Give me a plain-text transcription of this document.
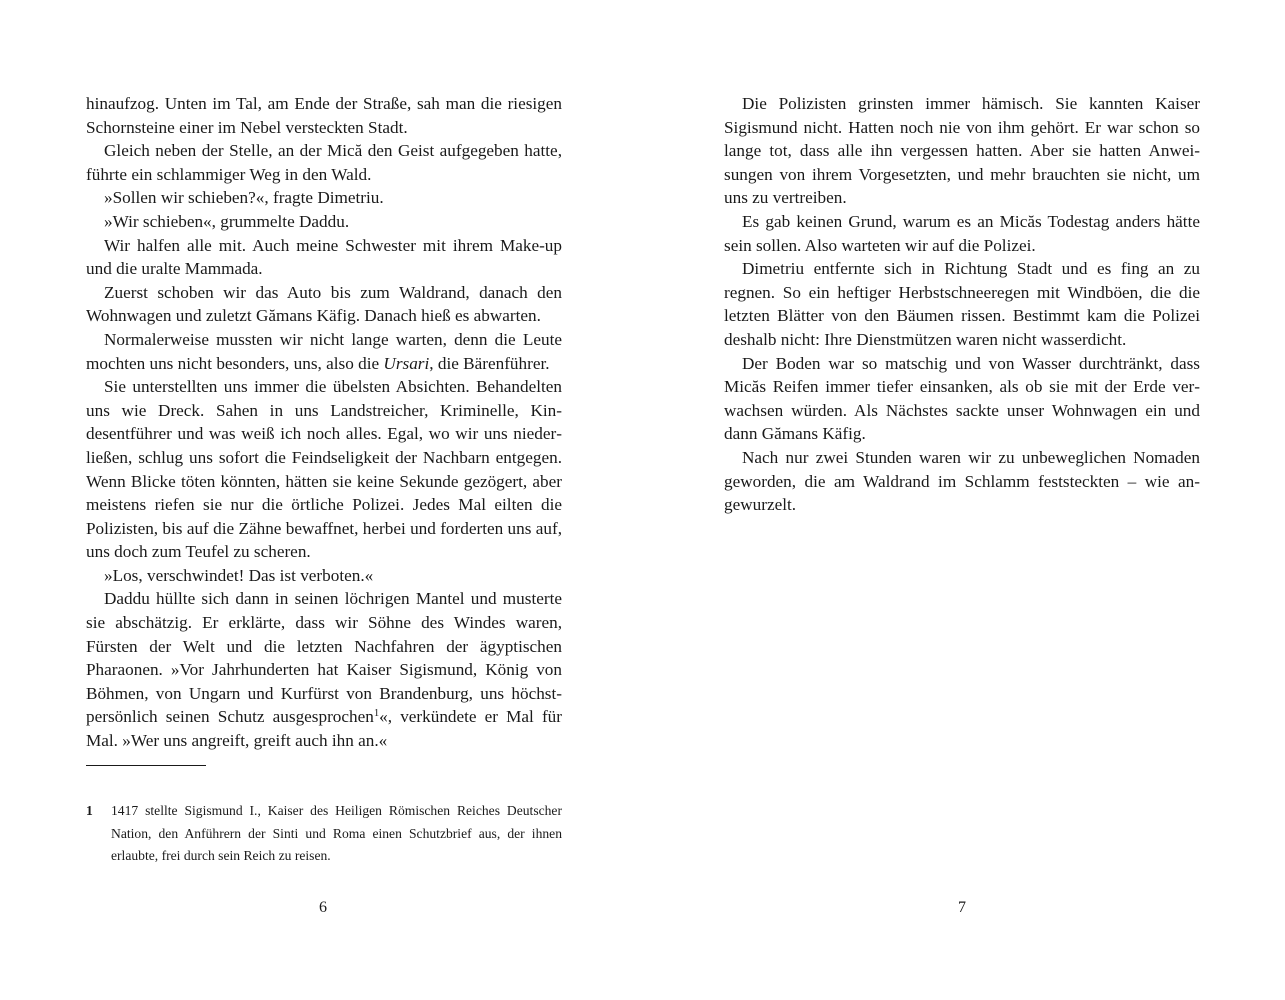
hinaufzog. Unten im Tal, am Ende der Straße, sah man die riesigen Schornsteine einer im Nebel versteckten Stadt.

Gleich neben der Stelle, an der Mică den Geist aufgegeben hatte, führte ein schlammiger Weg in den Wald.

»Sollen wir schieben?«, fragte Dimetriu.

»Wir schieben«, grummelte Daddu.

Wir halfen alle mit. Auch meine Schwester mit ihrem Make-up und die uralte Mammada.

Zuerst schoben wir das Auto bis zum Waldrand, danach den Wohnwagen und zuletzt Gămans Käfig. Danach hieß es abwarten.

Normalerweise mussten wir nicht lange warten, denn die Leute mochten uns nicht besonders, uns, also die Ursari, die Bärenführer.

Sie unterstellten uns immer die übelsten Absichten. Behandelten uns wie Dreck. Sahen in uns Landstreicher, Kriminelle, Kindesentführer und was weiß ich noch alles. Egal, wo wir uns niederließen, schlug uns sofort die Feindseligkeit der Nachbarn entgegen. Wenn Blicke töten könnten, hätten sie keine Sekunde gezögert, aber meistens riefen sie nur die örtliche Polizei. Jedes Mal eilten die Polizisten, bis auf die Zähne bewaffnet, herbei und forderten uns auf, uns doch zum Teufel zu scheren.

»Los, verschwindet! Das ist verboten.«

Daddu hüllte sich dann in seinen löchrigen Mantel und musterte sie abschätzig. Er erklärte, dass wir Söhne des Windes waren, Fürsten der Welt und die letzten Nachfahren der ägyptischen Pharaonen. »Vor Jahrhunderten hat Kaiser Sigismund, König von Böhmen, von Ungarn und Kurfürst von Brandenburg, uns höchstpersönlich seinen Schutz ausgesprochen$^1$«, verkündete er Mal für Mal. »Wer uns angreift, greift auch ihn an.«

1 1417 stellte Sigismund I., Kaiser des Heiligen Römischen Reiches Deutscher Nation, den Anführern der Sinti und Roma einen Schutzbrief aus, der ihnen erlaubte, frei durch sein Reich zu reisen.
6

Die Polizisten grinsten immer hämisch. Sie kannten Kaiser Sigismund nicht. Hatten noch nie von ihm gehört. Er war schon so lange tot, dass alle ihn vergessen hatten. Aber sie hatten Anweisungen von ihrem Vorgesetzten, und mehr brauchten sie nicht, um uns zu vertreiben.

Es gab keinen Grund, warum es an Micăs Todestag anders hätte sein sollen. Also warteten wir auf die Polizei.

Dimetriu entfernte sich in Richtung Stadt und es fing an zu regnen. So ein heftiger Herbstschneeregen mit Windböen, die die letzten Blätter von den Bäumen rissen. Bestimmt kam die Polizei deshalb nicht: Ihre Dienstmützen waren nicht wasserdicht.

Der Boden war so matschig und von Wasser durchtränkt, dass Micăs Reifen immer tiefer einsanken, als ob sie mit der Erde verwachsen würden. Als Nächstes sackte unser Wohnwagen ein und dann Gămans Käfig.

Nach nur zwei Stunden waren wir zu unbeweglichen Nomaden geworden, die am Waldrand im Schlamm feststeckten – wie angewurzelt.

7
